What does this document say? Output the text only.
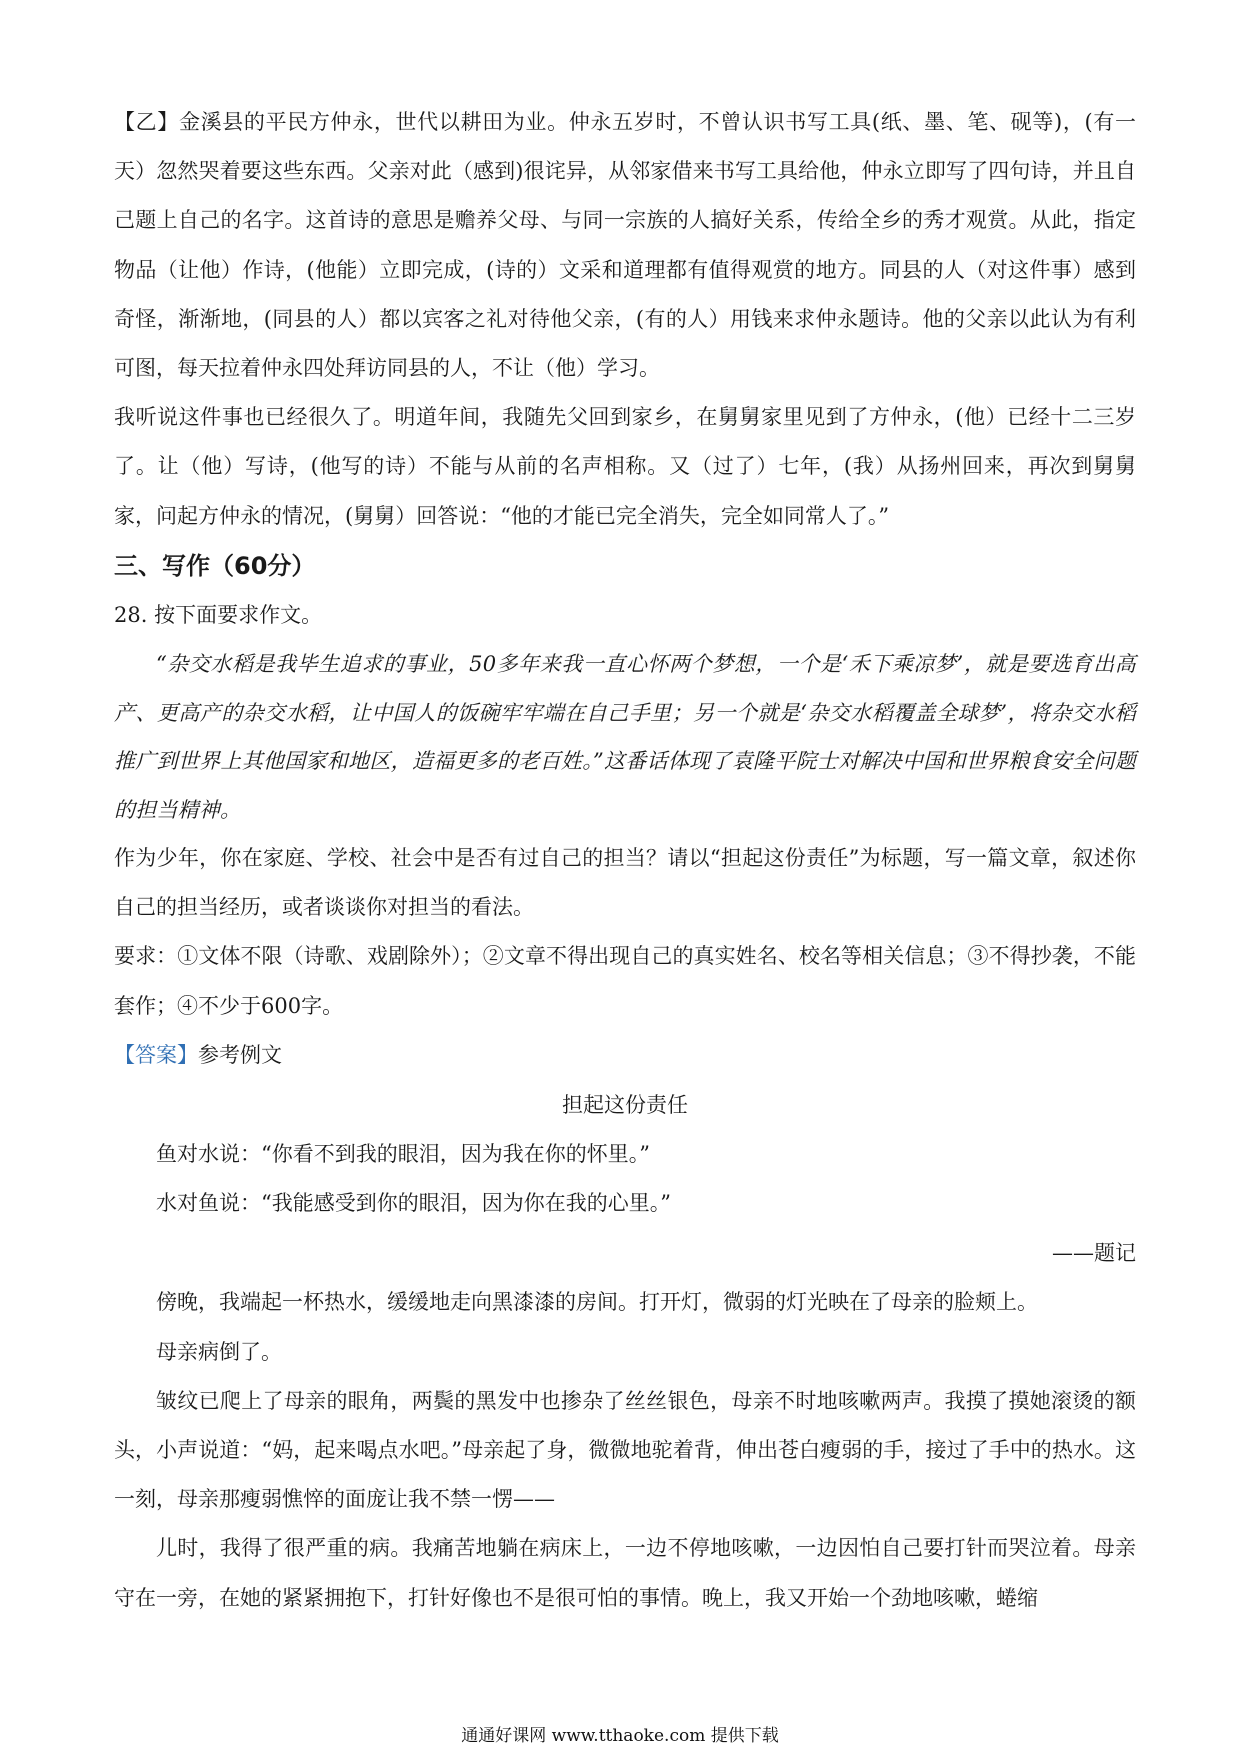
【乙】金溪县的平民方仲永，世代以耕田为业。仲永五岁时，不曾认识书写工具(纸、墨、笔、砚等)，(有一天）忽然哭着要这些东西。父亲对此（感到)很诧异，从邻家借来书写工具给他，仲永立即写了四句诗，并且自己题上自己的名字。这首诗的意思是赡养父母、与同一宗族的人搞好关系，传给全乡的秀才观赏。从此，指定物品（让他）作诗，(他能）立即完成，(诗的）文采和道理都有值得观赏的地方。同县的人（对这件事）感到奇怪，渐渐地，(同县的人）都以宾客之礼对待他父亲，(有的人）用钱来求仲永题诗。他的父亲以此认为有利可图，每天拉着仲永四处拜访同县的人，不让（他）学习。

我听说这件事也已经很久了。明道年间，我随先父回到家乡，在舅舅家里见到了方仲永，(他）已经十二三岁了。让（他）写诗，(他写的诗）不能与从前的名声相称。又（过了）七年，(我）从扬州回来，再次到舅舅家，问起方仲永的情况，(舅舅）回答说：“他的才能已完全消失，完全如同常人了。”

三、写作（60分）

28. 按下面要求作文。

“杂交水稻是我毕生追求的事业，50多年来我一直心怀两个梦想，一个是‘禾下乘凉梦’，就是要选育出高产、更高产的杂交水稻，让中国人的饭碗牢牢端在自己手里；另一个就是‘杂交水稻覆盖全球梦’，将杂交水稻推广到世界上其他国家和地区，造福更多的老百姓。”这番话体现了袁隆平院士对解决中国和世界粮食安全问题的担当精神。

作为少年，你在家庭、学校、社会中是否有过自己的担当？请以“担起这份责任”为标题，写一篇文章，叙述你自己的担当经历，或者谈谈你对担当的看法。

要求：①文体不限（诗歌、戏剧除外）；②文章不得出现自己的真实姓名、校名等相关信息；③不得抄袭，不能套作；④不少于600字。

【答案】参考例文

担起这份责任

鱼对水说：“你看不到我的眼泪，因为我在你的怀里。”

水对鱼说：“我能感受到你的眼泪，因为你在我的心里。”

——题记

傍晚，我端起一杯热水，缓缓地走向黑漆漆的房间。打开灯，微弱的灯光映在了母亲的脸颊上。

母亲病倒了。

皱纹已爬上了母亲的眼角，两鬓的黑发中也掺杂了丝丝银色，母亲不时地咳嗽两声。我摸了摸她滚烫的额头，小声说道：“妈，起来喝点水吧。”母亲起了身，微微地驼着背，伸出苍白瘦弱的手，接过了手中的热水。这一刻，母亲那瘦弱憔悴的面庞让我不禁一愣——

儿时，我得了很严重的病。我痛苦地躺在病床上，一边不停地咳嗽，一边因怕自己要打针而哭泣着。母亲守在一旁，在她的紧紧拥抱下，打针好像也不是很可怕的事情。晚上，我又开始一个劲地咳嗽，蜷缩

通通好课网 www.tthaoke.com 提供下载
